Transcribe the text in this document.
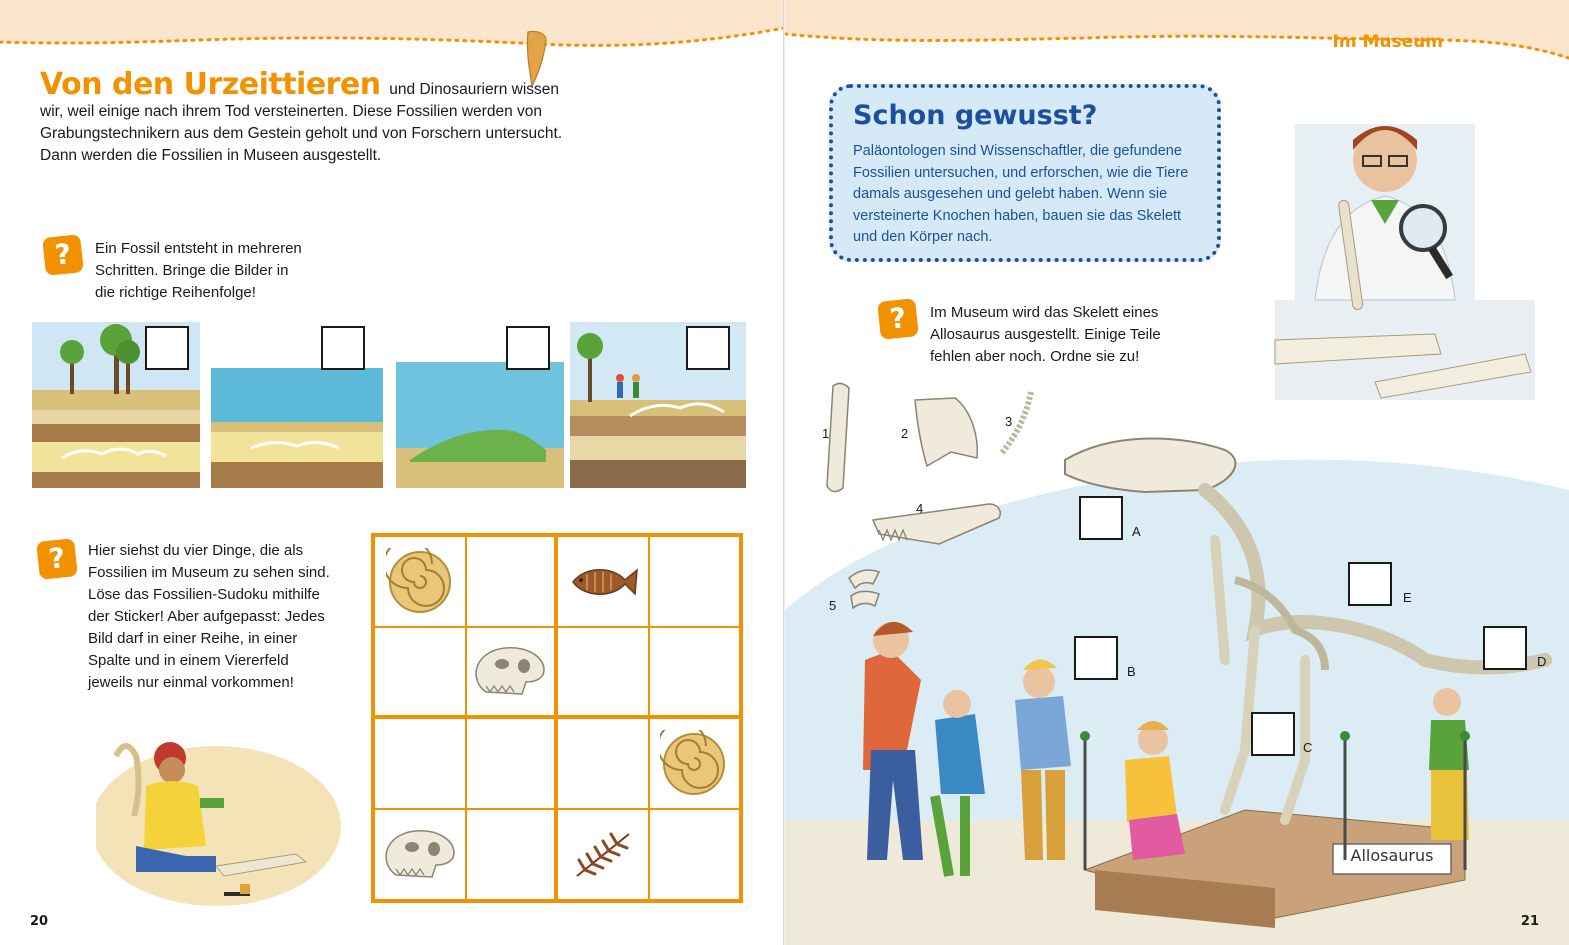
Von den Urzeittieren und Dinosauriern wissen wir, weil einige nach ihrem Tod versteinerten. Diese Fossilien werden von Grabungstechnikern aus dem Gestein geholt und von Forschern untersucht. Dann werden die Fossilien in Museen ausgestellt.

?	Ein Fossil entsteht in mehreren
Schritten. Bringe die Bilder in
die richtige Reihenfolge!
?	Hier siehst du vier Dinge, die als
Fossilien im Museum zu sehen sind.
Löse das Fossilien-Sudoku mithilfe
der Sticker! Aber aufgepasst: Jedes
Bild darf in einer Reihe, in einer
Spalte und in einem Viererfeld
jeweils nur einmal vorkommen!
20
Im Museum
Schon gewusst?
Paläontologen sind Wissenschaftler, die gefundene
Fossilien untersuchen, und erforschen, wie die Tiere
damals ausgesehen und gelebt haben. Wenn sie
versteinerte Knochen haben, bauen sie das Skelett
und den Körper nach.
?	Im Museum wird das Skelett eines
Allosaurus ausgestellt. Einige Teile
fehlen aber noch. Ordne sie zu!
Allosaurus
1	2
3
4
5
A
B
C
D
E
21
